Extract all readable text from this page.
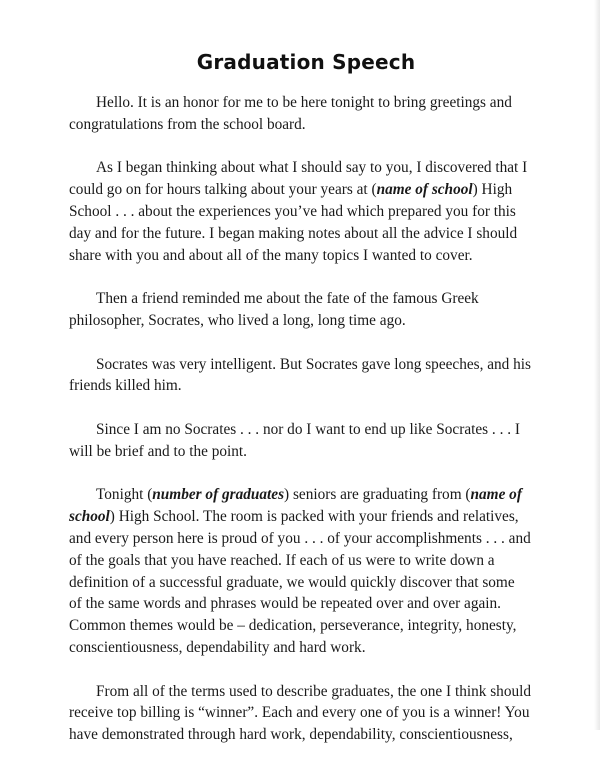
Graduation Speech

Hello. It is an honor for me to be here tonight to bring greetings and congratulations from the school board.

As I began thinking about what I should say to you, I discovered that I could go on for hours talking about your years at (name of school) High School . . . about the experiences you’ve had which prepared you for this day and for the future. I began making notes about all the advice I should share with you and about all of the many topics I wanted to cover.

Then a friend reminded me about the fate of the famous Greek philosopher, Socrates, who lived a long, long time ago.

Socrates was very intelligent. But Socrates gave long speeches, and his friends killed him.

Since I am no Socrates . . . nor do I want to end up like Socrates . . . I will be brief and to the point.

Tonight (number of graduates) seniors are graduating from (name of school) High School. The room is packed with your friends and relatives, and every person here is proud of you . . . of your accomplishments . . . and of the goals that you have reached. If each of us were to write down a definition of a successful graduate, we would quickly discover that some of the same words and phrases would be repeated over and over again. Common themes would be – dedication, perseverance, integrity, honesty, conscientiousness, dependability and hard work.

From all of the terms used to describe graduates, the one I think should receive top billing is “winner”. Each and every one of you is a winner! You have demonstrated through hard work, dependability, conscientiousness,
